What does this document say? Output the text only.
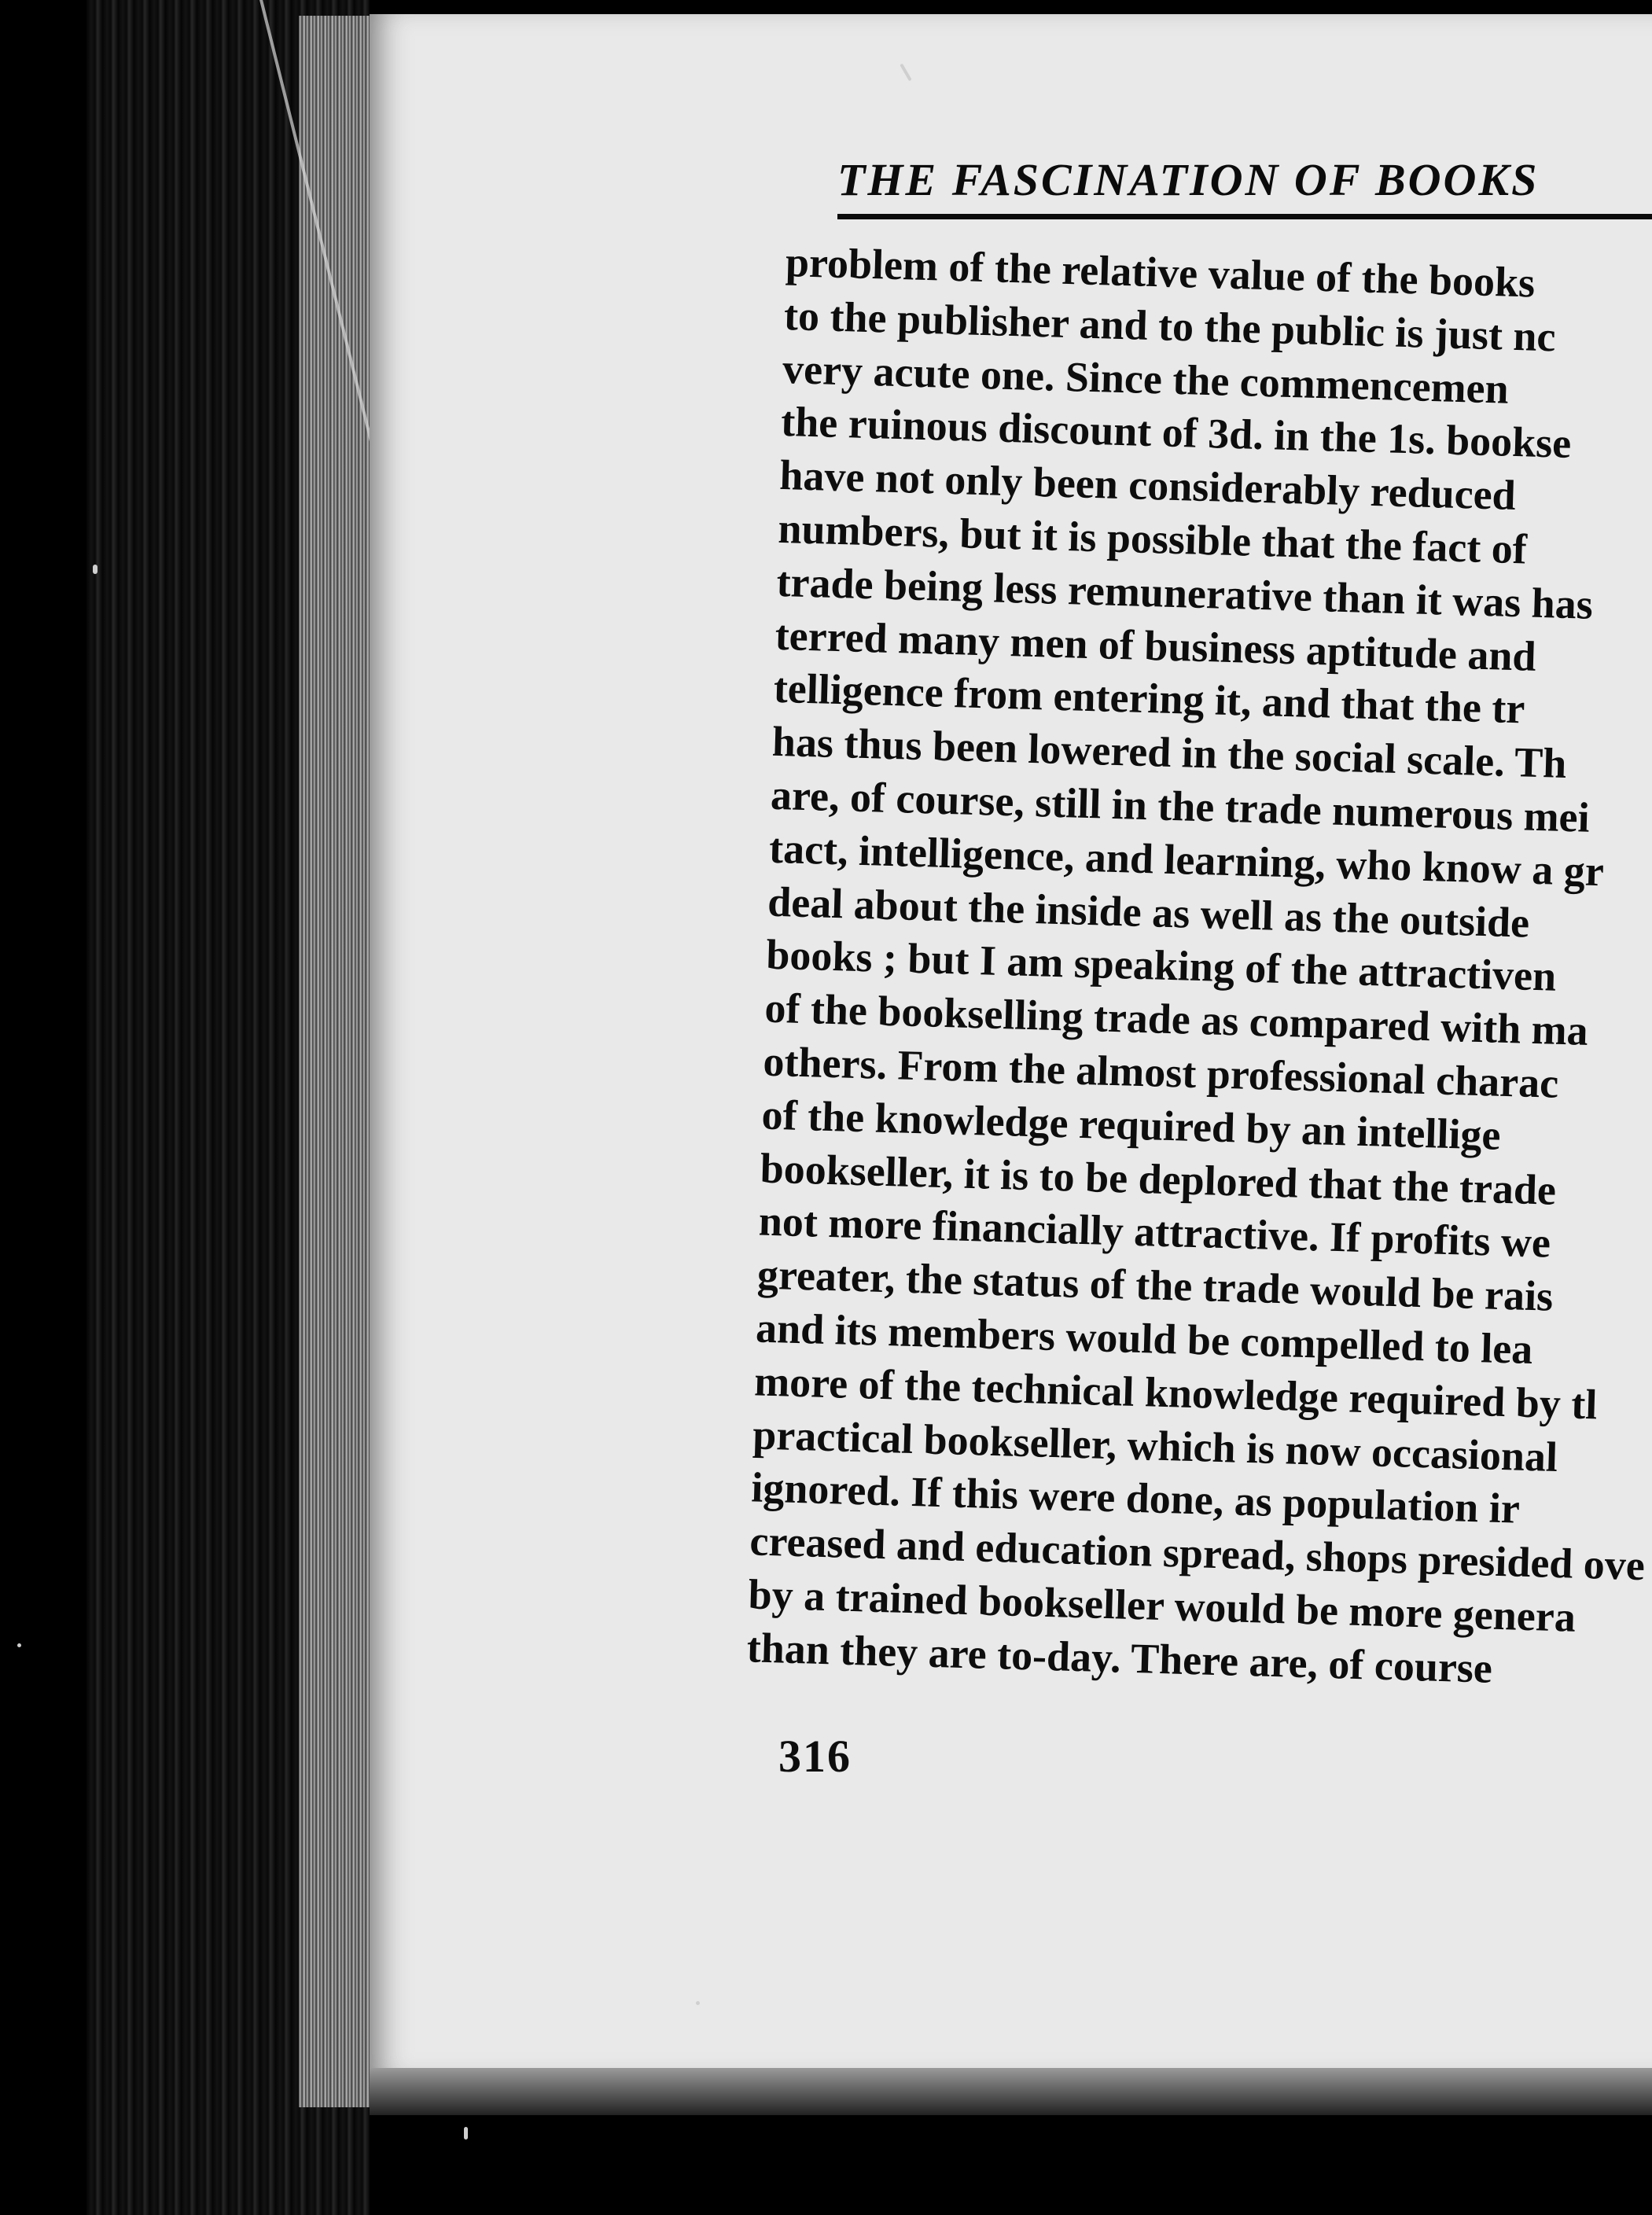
THE FASCINATION OF BOOKS
problem of the relative value of the books
to the publisher and to the public is just nc
very acute one. Since the commencemen
the ruinous discount of 3d. in the 1s. bookse
have not only been considerably reduced
numbers, but it is possible that the fact of
trade being less remunerative than it was has
terred many men of business aptitude and
telligence from entering it, and that the tr
has thus been lowered in the social scale. Th
are, of course, still in the trade numerous mei
tact, intelligence, and learning, who know a gr
deal about the inside as well as the outside
books ; but I am speaking of the attractiven
of the bookselling trade as compared with ma
others. From the almost professional charac
of the knowledge required by an intellige
bookseller, it is to be deplored that the trade
not more financially attractive. If profits we
greater, the status of the trade would be rais
and its members would be compelled to lea
more of the technical knowledge required by tl
practical bookseller, which is now occasional
ignored. If this were done, as population ir
creased and education spread, shops presided ove
by a trained bookseller would be more genera
than they are to-day. There are, of course
316
